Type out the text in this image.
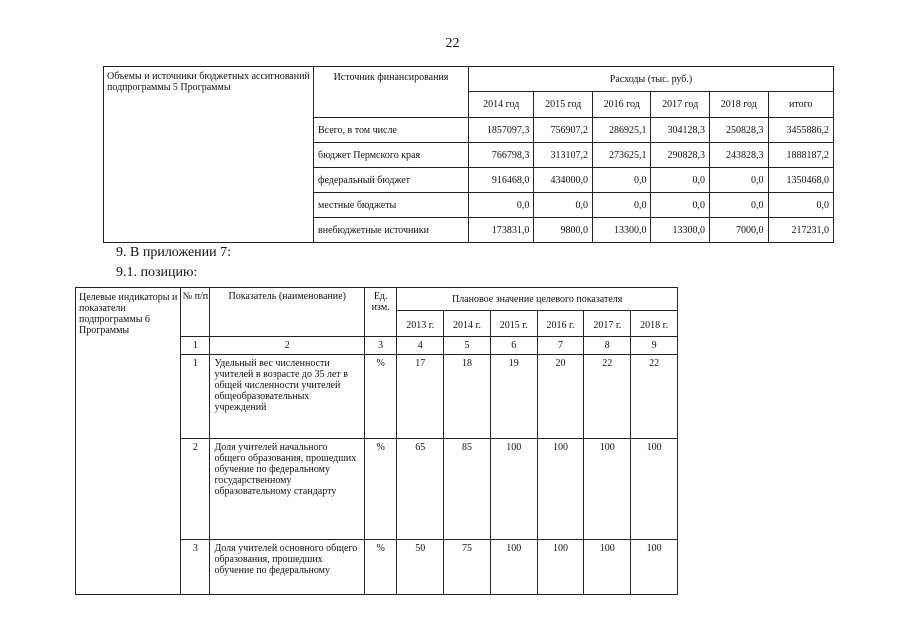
22
Объемы и источники бюджетных ассигнований подпрограммы 5 Программы	Источник финансирования	Расходы (тыс. руб.)					
		2014 год	2015 год	2016 год	2017 год	2018 год	итого
	Всего, в том числе	1857097,3	756907,2	286925,1	304128,3	250828,3	3455886,2
	бюджет Пермского края	766798,3	313107,2	273625,1	290828,3	243828,3	1888187,2
	федеральный бюджет	916468,0	434000,0	0,0	0,0	0,0	1350468,0
	местные бюджеты	0,0	0,0	0,0	0,0	0,0	0,0
	внебюджетные источники	173831,0	9800,0	13300,0	13300,0	7000,0	217231,0
9. В приложении 7:
9.1. позицию:
Целевые индикаторы и показатели подпрограммы 6 Программы	№ п/п	Показатель (наименование)	Ед. изм.	Плановое значение целевого показателя					
				2013 г.	2014 г.	2015 г.	2016 г.	2017 г.	2018 г.
	1	2	3	4	5	6	7	8	9
	1	Удельный вес численности учителей в возрасте до 35 лет в общей численности учителей общеобразовательных учреждений	%	17	18	19	20	22	22
	2	Доля учителей начального общего образования, прошедших обучение по федеральному государственному образовательному стандарту	%	65	85	100	100	100	100
	3	Доля учителей основного общего образования, прошедших обучение по федеральному	%	50	75	100	100	100	100
